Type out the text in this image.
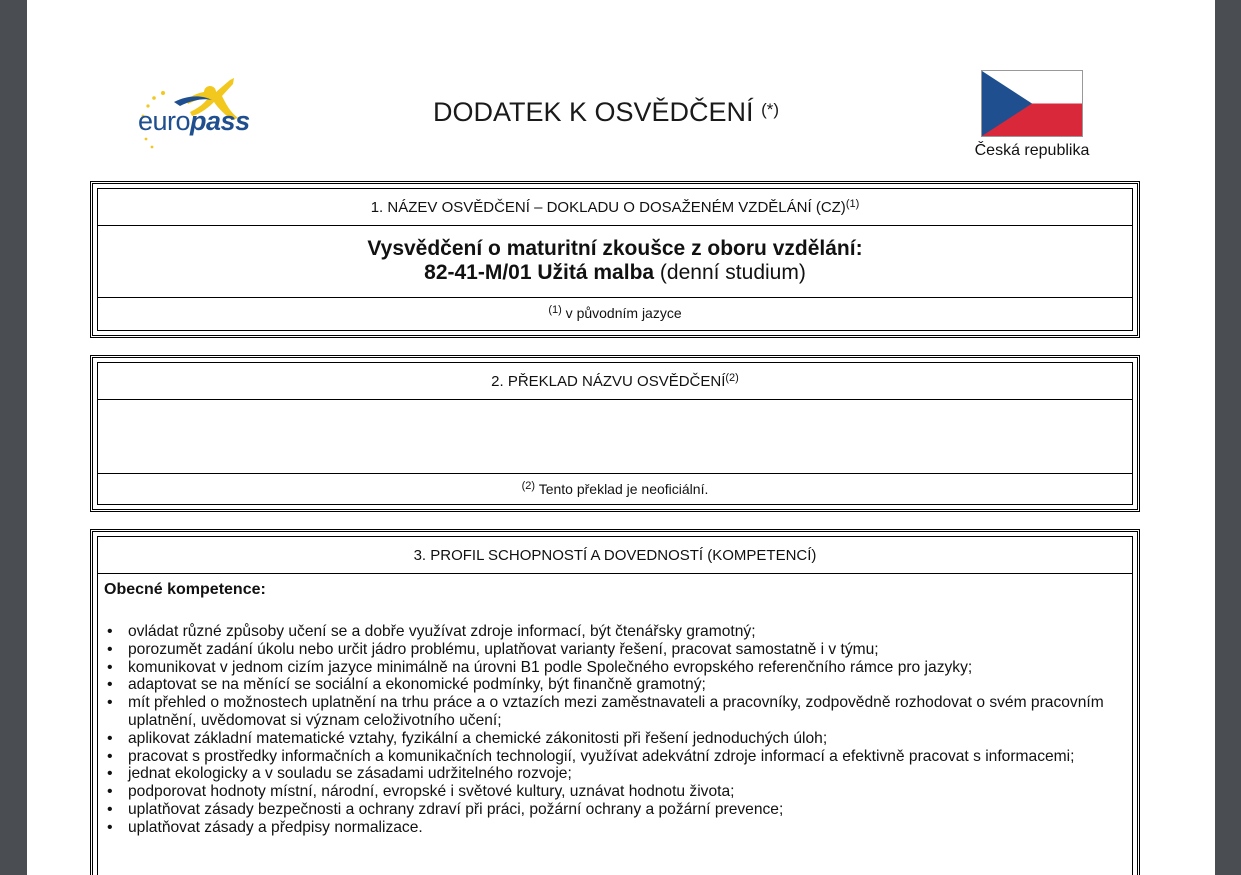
europass	DODATEK K OSVĚDČENÍ (*)
Česká republika
1. NÁZEV OSVĚDČENÍ – DOKLADU O DOSAŽENÉM VZDĚLÁNÍ (CZ)$^{(1)}$
Vysvědčení o maturitní zkoušce z oboru vzdělání:
82-41-M/01 Užitá malba (denní studium)
$^{(1)}$ v původním jazyce
2. PŘEKLAD NÁZVU OSVĚDČENÍ$^{(2)}$
$^{(2)}$ Tento překlad je neoficiální.
3. PROFIL SCHOPNOSTÍ A DOVEDNOSTÍ (KOMPETENCÍ)
Obecné kompetence:
• ovládat různé způsoby učení se a dobře využívat zdroje informací, být čtenářsky gramotný;
• porozumět zadání úkolu nebo určit jádro problému, uplatňovat varianty řešení, pracovat samostatně i v týmu;
• komunikovat v jednom cizím jazyce minimálně na úrovni B1 podle Společného evropského referenčního rámce pro jazyky;
• adaptovat se na měnící se sociální a ekonomické podmínky, být finančně gramotný;
• mít přehled o možnostech uplatnění na trhu práce a o vztazích mezi zaměstnavateli a pracovníky, zodpovědně rozhodovat o svém pracovním uplatnění, uvědomovat si význam celoživotního učení;
• aplikovat základní matematické vztahy, fyzikální a chemické zákonitosti při řešení jednoduchých úloh;
• pracovat s prostředky informačních a komunikačních technologií, využívat adekvátní zdroje informací a efektivně pracovat s informacemi;
• jednat ekologicky a v souladu se zásadami udržitelného rozvoje;
• podporovat hodnoty místní, národní, evropské i světové kultury, uznávat hodnotu života;
• uplatňovat zásady bezpečnosti a ochrany zdraví při práci, požární ochrany a požární prevence;
• uplatňovat zásady a předpisy normalizace.
